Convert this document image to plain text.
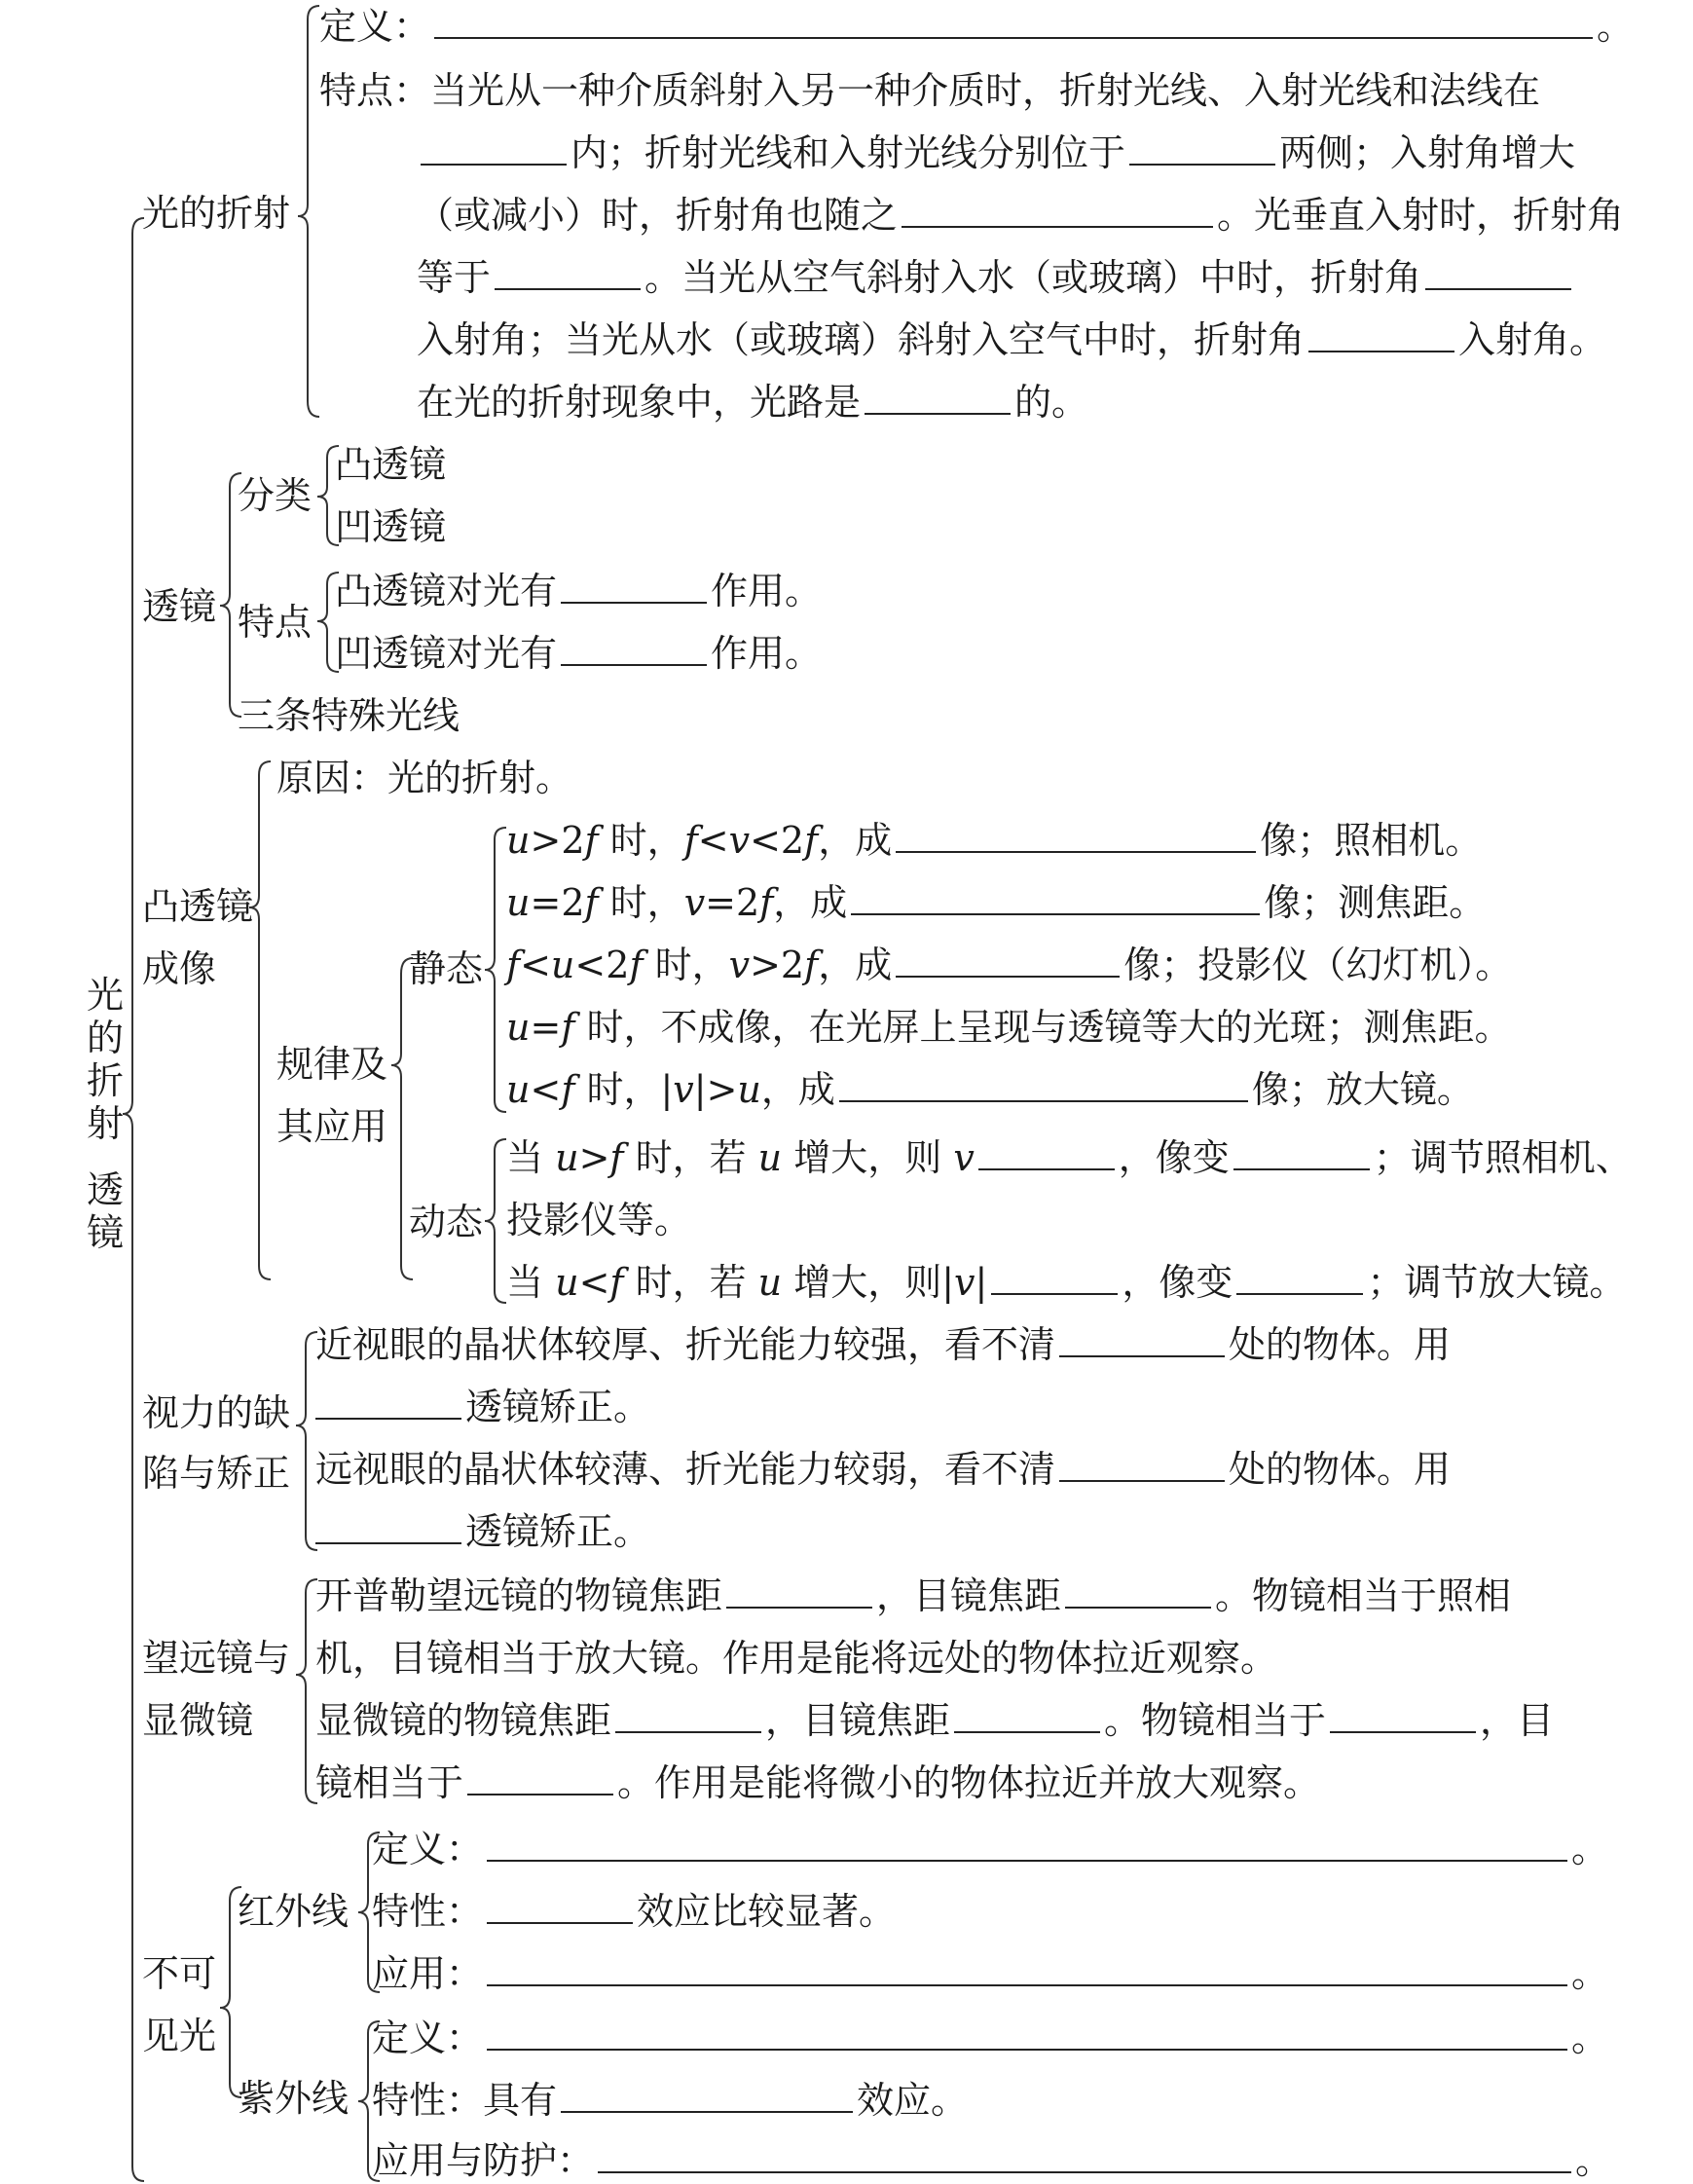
光
的
折
射
透
镜
光的折射
定义：	。
特点：当光从一种介质斜射入另一种介质时，折射光线、入射光线和法线在
内；折射光线和入射光线分别位于	两侧；入射角增大
（或减小）时，折射角也随之	。光垂直入射时，折射角
等于	。当光从空气斜射入水（或玻璃）中时，折射角
入射角；当光从水（或玻璃）斜射入空气中时，折射角	入射角。
在光的折射现象中，光路是	的。
透镜
分类
凸透镜
凹透镜
特点
凸透镜对光有	作用。
凹透镜对光有	作用。
三条特殊光线
凸透镜
成像
原因：光的折射。
规律及
其应用
静态
动态
u>2f 时，f<v<2f，成	像；照相机。
u=2f 时，v=2f，成	像；测焦距。
f<u<2f 时，v>2f，成	像；投影仪（幻灯机）。
u=f 时，不成像，在光屏上呈现与透镜等大的光斑；测焦距。
u<f 时，|v|>u，成	像；放大镜。
当 u>f 时，若 u 增大，则 v	，像变	；调节照相机、
投影仪等。
当 u<f 时，若 u 增大，则|v|	，像变	；调节放大镜。
视力的缺
陷与矫正
近视眼的晶状体较厚、折光能力较强，看不清	处的物体。用
透镜矫正。
远视眼的晶状体较薄、折光能力较弱，看不清	处的物体。用
透镜矫正。
望远镜与
显微镜
开普勒望远镜的物镜焦距	，目镜焦距	。物镜相当于照相
机，目镜相当于放大镜。作用是能将远处的物体拉近观察。
显微镜的物镜焦距	，目镜焦距	。物镜相当于	，目
镜相当于	。作用是能将微小的物体拉近并放大观察。
不可
见光
红外线
紫外线
定义：	。
特性：	效应比较显著。
应用：	。
定义：	。
特性：具有	效应。
应用与防护：	。
